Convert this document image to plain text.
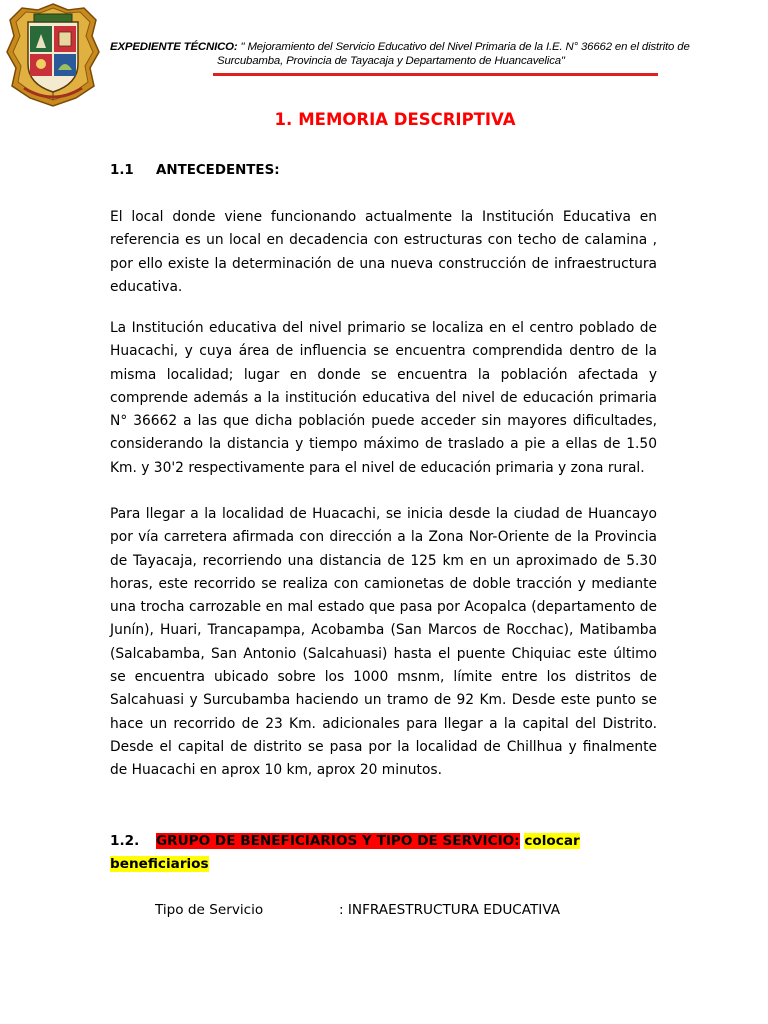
EXPEDIENTE TÉCNICO: " Mejoramiento del Servicio Educativo del Nivel Primaria de la I.E. N° 36662 en el distrito de
Surcubamba, Provincia de Tayacaja y Departamento de Huancavelica"
1. MEMORIA DESCRIPTIVA
1.1 ANTECEDENTES:
El local donde viene funcionando actualmente la Institución Educativa en referencia es un local en decadencia con estructuras con techo de calamina , por ello existe la determinación de una nueva construcción de infraestructura educativa.
La Institución educativa del nivel primario se localiza en el centro poblado de Huacachi, y cuya área de influencia se encuentra comprendida dentro de la misma localidad; lugar en donde se encuentra la población afectada y comprende además a la institución educativa del nivel de educación primaria N° 36662 a las que dicha población puede acceder sin mayores dificultades, considerando la distancia y tiempo máximo de traslado a pie a ellas de 1.50 Km. y 30'2 respectivamente para el nivel de educación primaria y zona rural.
Para llegar a la localidad de Huacachi, se inicia desde la ciudad de Huancayo por vía carretera afirmada con dirección a la Zona Nor-Oriente de la Provincia de Tayacaja, recorriendo una distancia de 125 km en un aproximado de 5.30 horas, este recorrido se realiza con camionetas de doble tracción y mediante una trocha carrozable en mal estado que pasa por Acopalca (departamento de Junín), Huari, Trancapampa, Acobamba (San Marcos de Rocchac), Matibamba (Salcabamba, San Antonio (Salcahuasi) hasta el puente Chiquiac este último se encuentra ubicado sobre los 1000 msnm, límite entre los distritos de Salcahuasi y Surcubamba haciendo un tramo de 92 Km. Desde este punto se hace un recorrido de 23 Km. adicionales para llegar a la capital del Distrito. Desde el capital de distrito se pasa por la localidad de Chillhua y finalmente de Huacachi en aprox 10 km, aprox 20 minutos.
1.2. GRUPO DE BENEFICIARIOS Y TIPO DE SERVICIO: colocar
beneficiarios
Tipo de Servicio	: INFRAESTRUCTURA EDUCATIVA
